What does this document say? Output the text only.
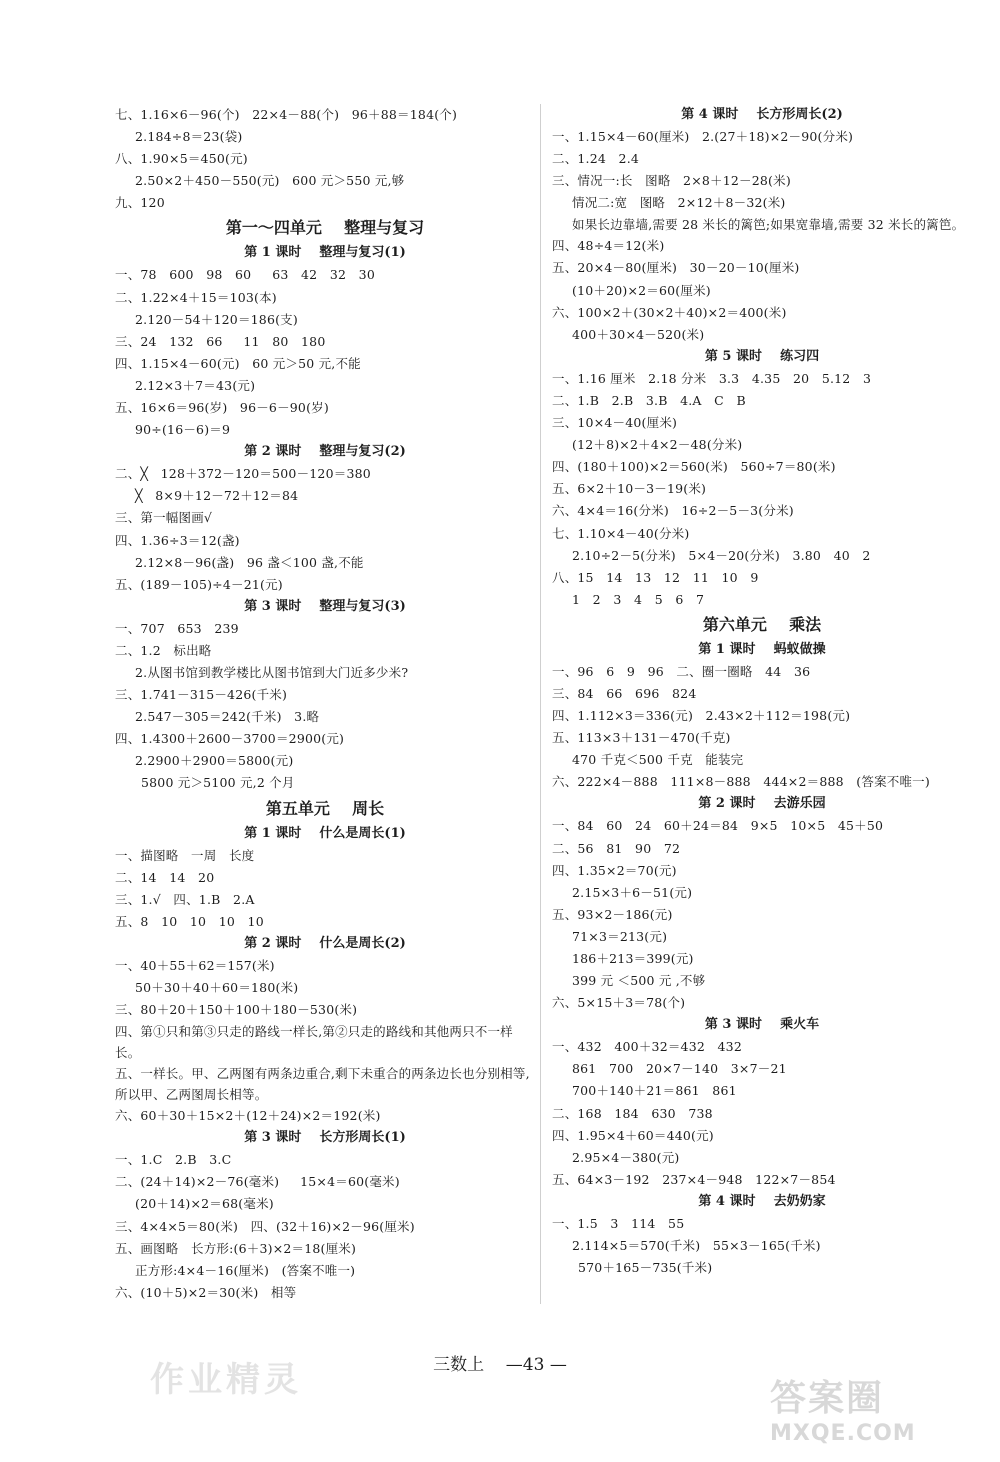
七、1.16×6－96(个)   22×4－88(个)   96＋88＝184(个)
2.184÷8＝23(袋)
八、1.90×5＝450(元)
2.50×2＋450－550(元)   600 元＞550 元,够
九、120
第一～四单元    整理与复习
第 1 课时    整理与复习(1)
一、78   600   98   60     63   42   32   30
二、1.22×4＋15＝103(本)
2.120－54＋120＝186(支)
三、24   132   66     11   80   180
四、1.15×4－60(元)   60 元＞50 元,不能
2.12×3＋7＝43(元)
五、16×6＝96(岁)   96－6－90(岁)
90÷(16－6)＝9
第 2 课时    整理与复习(2)
二、╳   128＋372－120＝500－120＝380
╳   8×9＋12－72＋12＝84
三、第一幅图画√
四、1.36÷3＝12(盏)
2.12×8－96(盏)   96 盏＜100 盏,不能
五、(189－105)÷4－21(元)
第 3 课时    整理与复习(3)
一、707   653   239
二、1.2   标出略
2.从图书馆到教学楼比从图书馆到大门近多少米?
三、1.741－315－426(千米)
2.547－305＝242(千米)   3.略
四、1.4300＋2600－3700＝2900(元)
2.2900＋2900＝5800(元)
5800 元＞5100 元,2 个月
第五单元    周长
第 1 课时    什么是周长(1)
一、描图略   一周   长度
二、14   14   20
三、1.√   四、1.B   2.A
五、8   10   10   10   10
第 2 课时    什么是周长(2)
一、40＋55＋62＝157(米)
50＋30＋40＋60＝180(米)
三、80＋20＋150＋100＋180－530(米)
四、第①只和第③只走的路线一样长,第②只走的路线和其他两只不一样长。
五、一样长。甲、乙两图有两条边重合,剩下未重合的两条边长也分别相等,所以甲、乙两图周长相等。
六、60＋30＋15×2＋(12＋24)×2＝192(米)
第 3 课时    长方形周长(1)
一、1.C   2.B   3.C
二、(24＋14)×2－76(毫米)     15×4＝60(毫米)
(20＋14)×2＝68(毫米)
三、4×4×5＝80(米)   四、(32＋16)×2－96(厘米)
五、画图略   长方形:(6＋3)×2＝18(厘米)
正方形:4×4－16(厘米)   (答案不唯一)
六、(10＋5)×2＝30(米)   相等
第 4 课时    长方形周长(2)
一、1.15×4－60(厘米)   2.(27＋18)×2－90(分米)
二、1.24   2.4
三、情况一:长   图略   2×8＋12－28(米)
情况二:宽   图略   2×12＋8－32(米)
如果长边靠墙,需要 28 米长的篱笆;如果宽靠墙,需要 32 米长的篱笆。
四、48÷4＝12(米)
五、20×4－80(厘米)   30－20－10(厘米)
(10＋20)×2＝60(厘米)
六、100×2＋(30×2＋40)×2＝400(米)
400＋30×4－520(米)
第 5 课时    练习四
一、1.16 厘米   2.18 分米   3.3   4.35   20   5.12   3
二、1.B   2.B   3.B   4.A   C   B
三、10×4－40(厘米)
(12＋8)×2＋4×2－48(分米)
四、(180＋100)×2＝560(米)   560÷7＝80(米)
五、6×2＋10－3－19(米)
六、4×4＝16(分米)   16÷2－5－3(分米)
七、1.10×4－40(分米)
2.10÷2－5(分米)   5×4－20(分米)   3.80   40   2
八、15   14   13   12   11   10   9
1   2   3   4   5   6   7
第六单元    乘法
第 1 课时    蚂蚁做操
一、96   6   9   96   二、圈一圈略   44   36
三、84   66   696   824
四、1.112×3＝336(元)   2.43×2＋112＝198(元)
五、113×3＋131－470(千克)
470 千克＜500 千克   能装完
六、222×4－888   111×8－888   444×2＝888   (答案不唯一)
第 2 课时    去游乐园
一、84   60   24   60＋24＝84   9×5   10×5   45＋50
二、56   81   90   72
四、1.35×2＝70(元)
2.15×3＋6－51(元)
五、93×2－186(元)
71×3＝213(元)
186＋213＝399(元)
399 元 ＜500 元 ,不够
六、5×15＋3＝78(个)
第 3 课时    乘火车
一、432   400＋32＝432   432
861   700   20×7－140   3×7－21
700＋140＋21＝861   861
二、168   184   630   738
四、1.95×4＋60＝440(元)
2.95×4－380(元)
五、64×3－192   237×4－948   122×7－854
第 4 课时    去奶奶家
一、1.5   3   114   55
2.114×5＝570(千米)   55×3－165(千米)
570＋165－735(千米)
三数上    —43 —
作业精灵	答案圈
MXQE.COM
